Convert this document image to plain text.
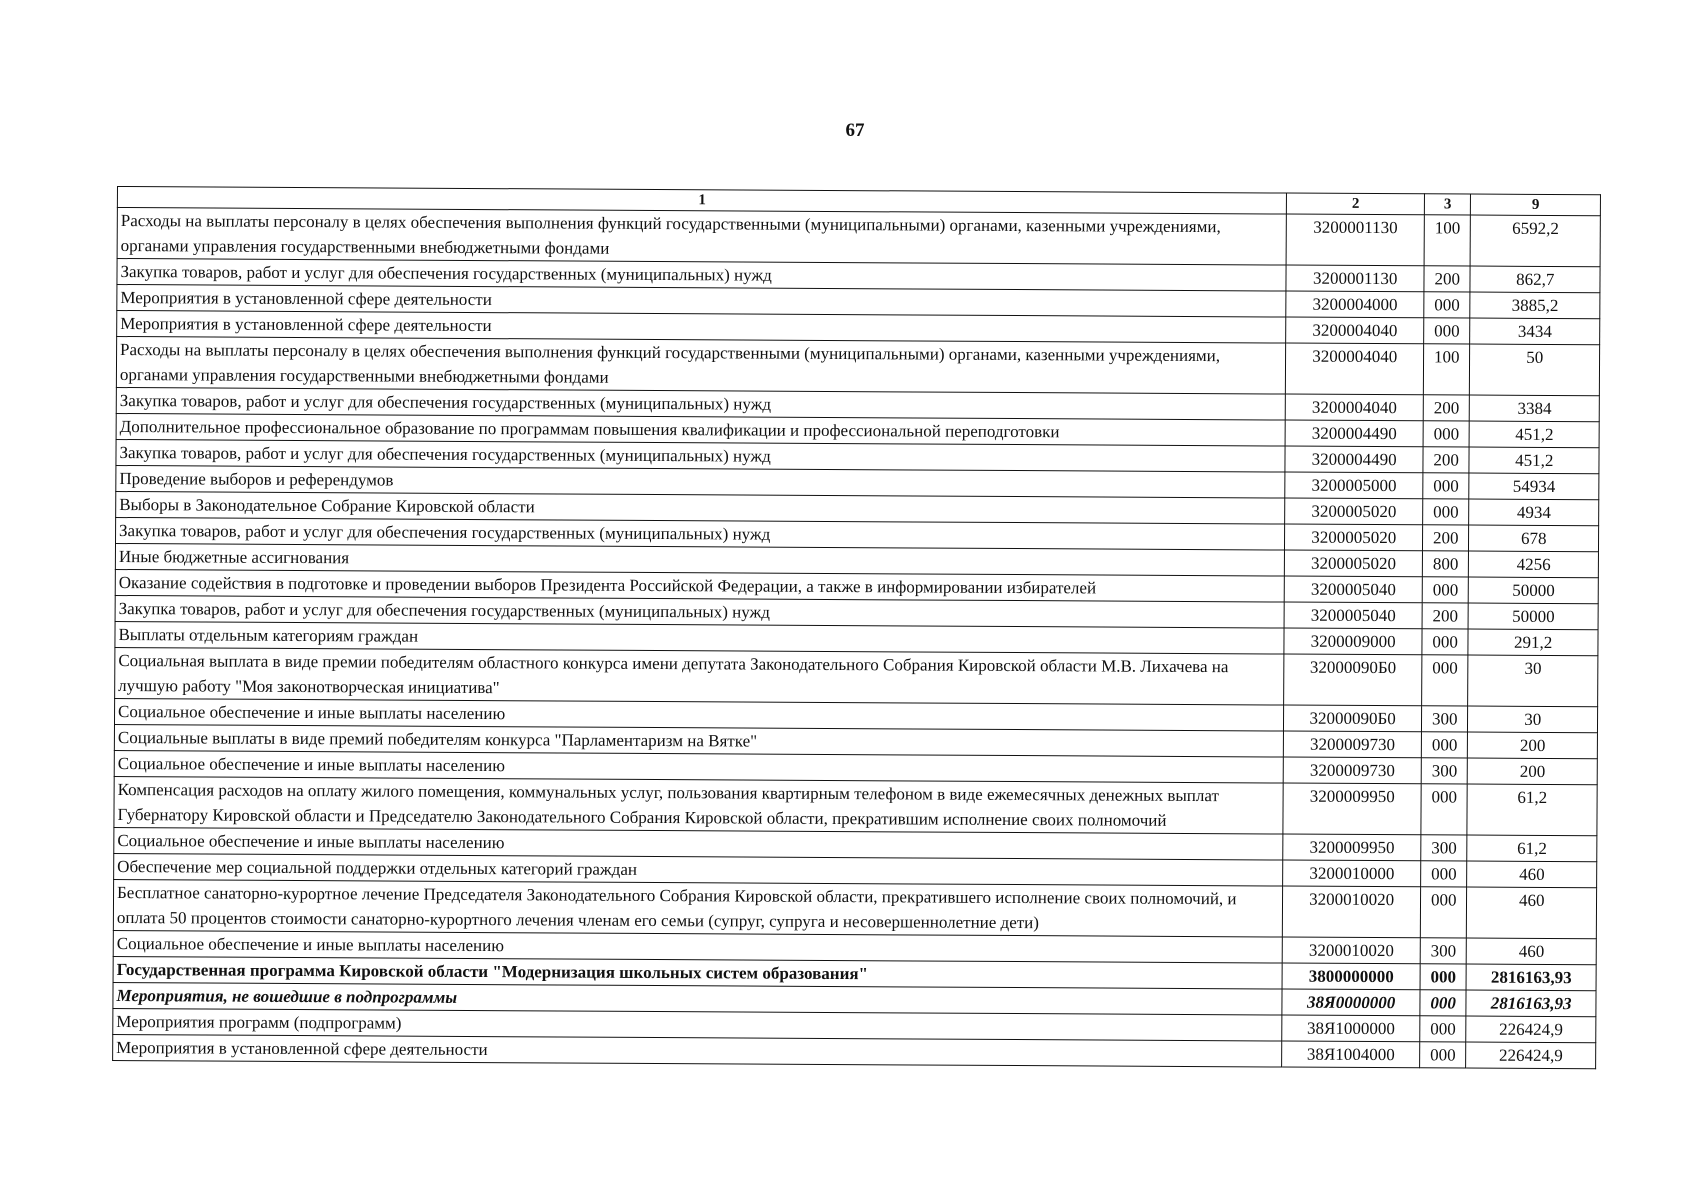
67
1	2	3	9
Расходы на выплаты персоналу в целях обеспечения выполнения функций государственными (муниципальными) органами, казенными учреждениями, органами управления государственными внебюджетными фондами	3200001130	100	6592,2
Закупка товаров, работ и услуг для обеспечения государственных (муниципальных) нужд	3200001130	200	862,7
Мероприятия в установленной сфере деятельности	3200004000	000	3885,2
Мероприятия в установленной сфере деятельности	3200004040	000	3434
Расходы на выплаты персоналу в целях обеспечения выполнения функций государственными (муниципальными) органами, казенными учреждениями, органами управления государственными внебюджетными фондами	3200004040	100	50
Закупка товаров, работ и услуг для обеспечения государственных (муниципальных) нужд	3200004040	200	3384
Дополнительное профессиональное образование по программам повышения квалификации и профессиональной переподготовки	3200004490	000	451,2
Закупка товаров, работ и услуг для обеспечения государственных (муниципальных) нужд	3200004490	200	451,2
Проведение выборов и референдумов	3200005000	000	54934
Выборы в Законодательное Собрание Кировской области	3200005020	000	4934
Закупка товаров, работ и услуг для обеспечения государственных (муниципальных) нужд	3200005020	200	678
Иные бюджетные ассигнования	3200005020	800	4256
Оказание содействия в подготовке и проведении выборов Президента Российской Федерации, а также в информировании избирателей	3200005040	000	50000
Закупка товаров, работ и услуг для обеспечения государственных (муниципальных) нужд	3200005040	200	50000
Выплаты отдельным категориям граждан	3200009000	000	291,2
Социальная выплата в виде премии победителям областного конкурса имени депутата Законодательного Собрания Кировской области М.В. Лихачева на лучшую работу "Моя законотворческая инициатива"	32000090Б0	000	30
Социальное обеспечение и иные выплаты населению	32000090Б0	300	30
Социальные выплаты в виде премий победителям конкурса "Парламентаризм на Вятке"	3200009730	000	200
Социальное обеспечение и иные выплаты населению	3200009730	300	200
Компенсация расходов на оплату жилого помещения, коммунальных услуг, пользования квартирным телефоном в виде ежемесячных денежных выплат Губернатору Кировской области и Председателю Законодательного Собрания Кировской области, прекратившим исполнение своих полномочий	3200009950	000	61,2
Социальное обеспечение и иные выплаты населению	3200009950	300	61,2
Обеспечение мер социальной поддержки отдельных категорий граждан	3200010000	000	460
Бесплатное санаторно-курортное лечение Председателя Законодательного Собрания Кировской области, прекратившего исполнение своих полномочий, и оплата 50 процентов стоимости санаторно-курортного лечения членам его семьи (супруг, супруга и несовершеннолетние дети)	3200010020	000	460
Социальное обеспечение и иные выплаты населению	3200010020	300	460
Государственная программа Кировской области "Модернизация школьных систем образования"	3800000000	000	2816163,93
Мероприятия, не вошедшие в подпрограммы	38Я0000000	000	2816163,93
Мероприятия программ (подпрограмм)	38Я1000000	000	226424,9
Мероприятия в установленной сфере деятельности	38Я1004000	000	226424,9
